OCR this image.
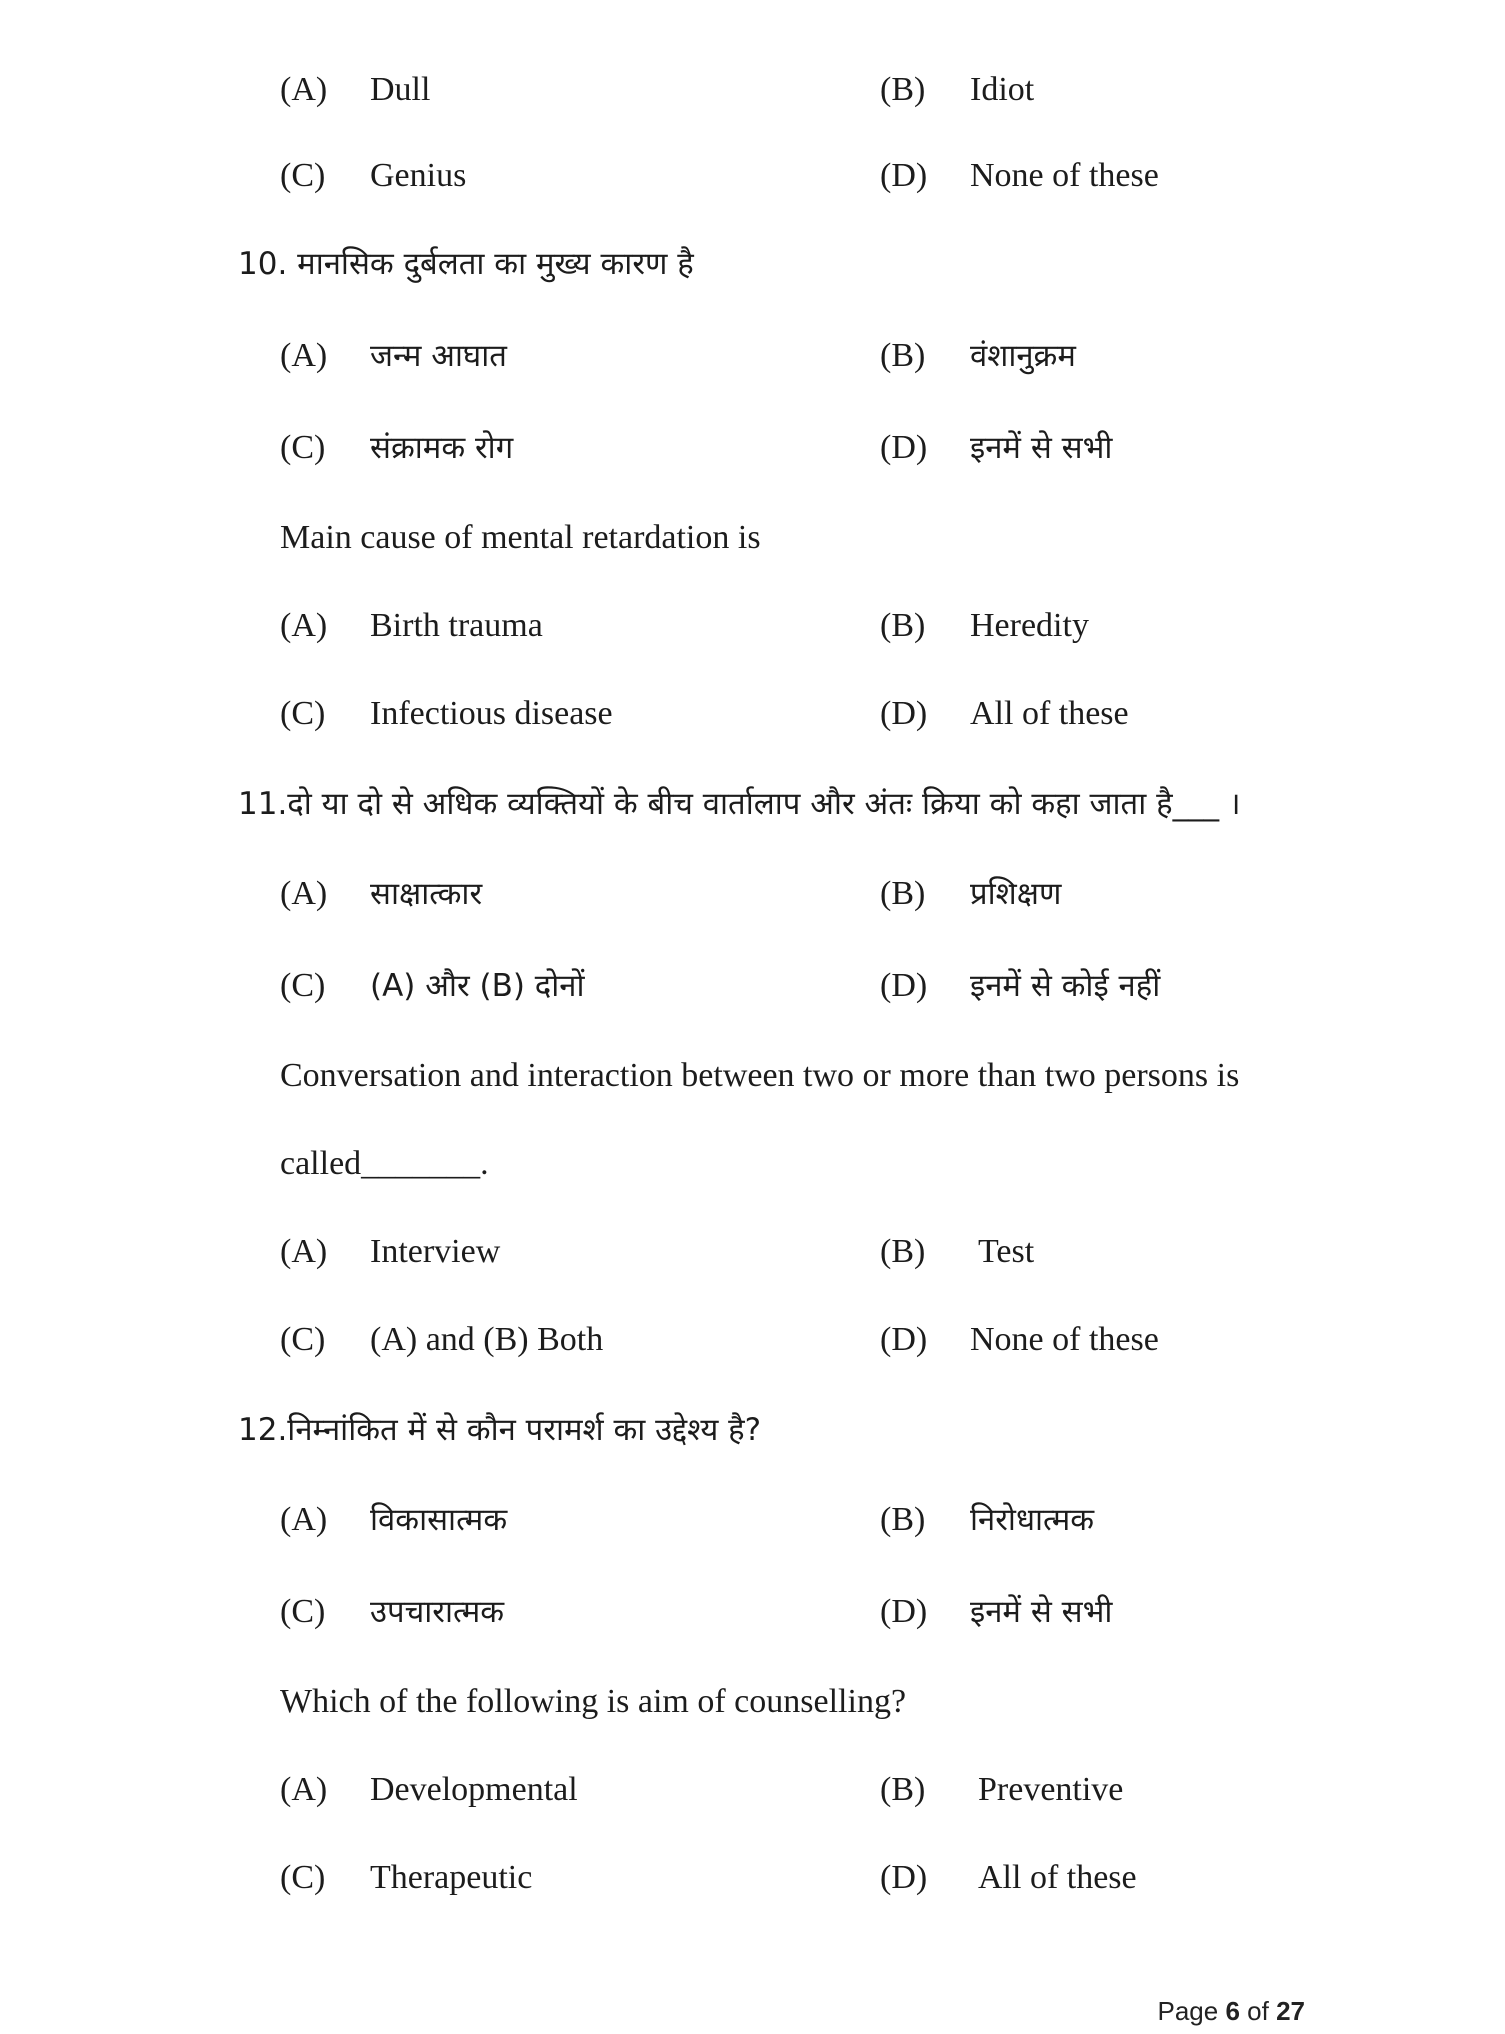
(A) Dull	(B) Idiot
(C) Genius	(D) None of these
10. मानसिक दुर्बलता का मुख्य कारण है
(A) जन्म आघात	(B) वंशानुक्रम
(C) संक्रामक रोग	(D) इनमें से सभी
Main cause of mental retardation is
(A) Birth trauma	(B) Heredity
(C) Infectious disease	(D) All of these
11.दो या दो से अधिक व्यक्तियों के बीच वार्तालाप और अंतः क्रिया को कहा जाता है___ ।
(A) साक्षात्कार	(B) प्रशिक्षण
(C) (A) और (B) दोनों	(D) इनमें से कोई नहीं
Conversation and interaction between two or more than two persons is
called_______.
(A) Interview	(B) Test
(C) (A) and (B) Both	(D) None of these
12.निम्नांकित में से कौन परामर्श का उद्देश्य है?
(A) विकासात्मक	(B) निरोधात्मक
(C) उपचारात्मक	(D) इनमें से सभी
Which of the following is aim of counselling?
(A) Developmental	(B) Preventive
(C) Therapeutic	(D) All of these
Page 6 of 27
